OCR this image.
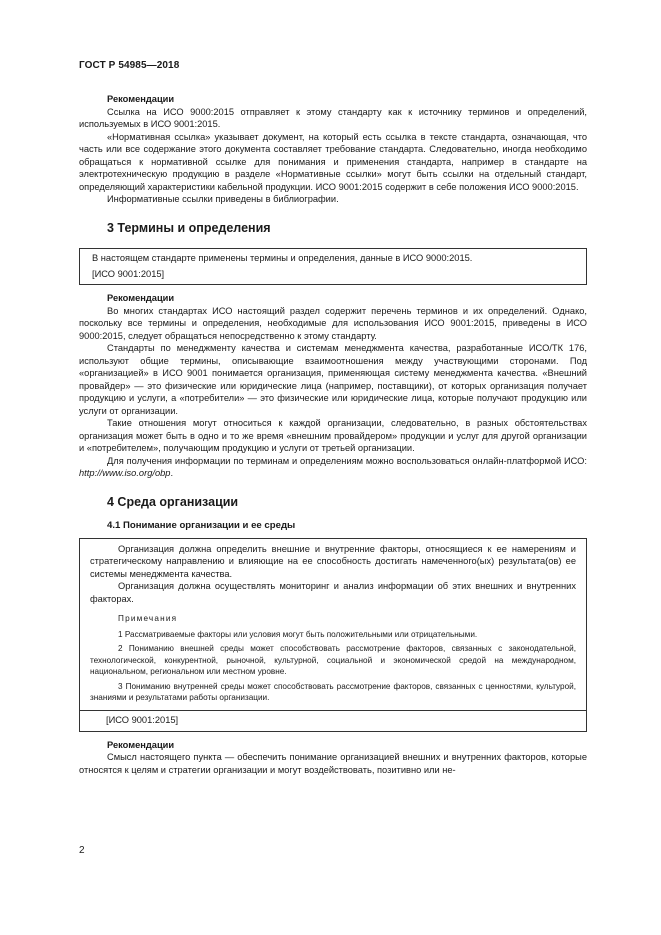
ГОСТ Р 54985—2018

Рекомендации

Ссылка на ИСО 9000:2015 отправляет к этому стандарту как к источнику терминов и определений, используемых в ИСО 9001:2015.

«Нормативная ссылка» указывает документ, на который есть ссылка в тексте стандарта, означающая, что часть или все содержание этого документа составляет требование стандарта. Следовательно, иногда необходимо обращаться к нормативной ссылке для понимания и применения стандарта, например в стандарте на электротехническую продукцию в разделе «Нормативные ссылки» могут быть ссылки на отдельный стандарт, определяющий характеристики кабельной продукции. ИСО 9001:2015 содержит в себе положения ИСО 9000:2015.

Информативные ссылки приведены в библиографии.

3 Термины и определения

В настоящем стандарте применены термины и определения, данные в ИСО 9000:2015.

[ИСО 9001:2015]

Рекомендации

Во многих стандартах ИСО настоящий раздел содержит перечень терминов и их определений. Однако, поскольку все термины и определения, необходимые для использования ИСО 9001:2015, приведены в ИСО 9000:2015, следует обращаться непосредственно к этому стандарту.

Стандарты по менеджменту качества и системам менеджмента качества, разработанные ИСО/ТК 176, используют общие термины, описывающие взаимоотношения между участвующими сторонами. Под «организацией» в ИСО 9001 понимается организация, применяющая систему менеджмента качества. «Внешний провайдер» — это физические или юридические лица (например, поставщики), от которых организация получает продукцию и услуги, а «потребители» — это физические или юридические лица, которые получают продукцию или услуги от организации.

Такие отношения могут относиться к каждой организации, следовательно, в разных обстоятельствах организация может быть в одно и то же время «внешним провайдером» продукции и услуг для другой организации и «потребителем», получающим продукцию и услуги от третьей организации.

Для получения информации по терминам и определениям можно воспользоваться онлайн-платформой ИСО: http://www.iso.org/obp.

4 Среда организации

4.1 Понимание организации и ее среды

Организация должна определить внешние и внутренние факторы, относящиеся к ее намерениям и стратегическому направлению и влияющие на ее способность достигать намеченного(ых) результата(ов) ее системы менеджмента качества.

Организация должна осуществлять мониторинг и анализ информации об этих внешних и внутренних факторах.

Примечания

1 Рассматриваемые факторы или условия могут быть положительными или отрицательными.

2 Пониманию внешней среды может способствовать рассмотрение факторов, связанных с законодательной, технологической, конкурентной, рыночной, культурной, социальной и экономической средой на международном, национальном, региональном или местном уровне.

3 Пониманию внутренней среды может способствовать рассмотрение факторов, связанных с ценностями, культурой, знаниями и результатами работы организации.

[ИСО 9001:2015]

Рекомендации

Смысл настоящего пункта — обеспечить понимание организацией внешних и внутренних факторов, которые относятся к целям и стратегии организации и могут воздействовать, позитивно или не-

2
